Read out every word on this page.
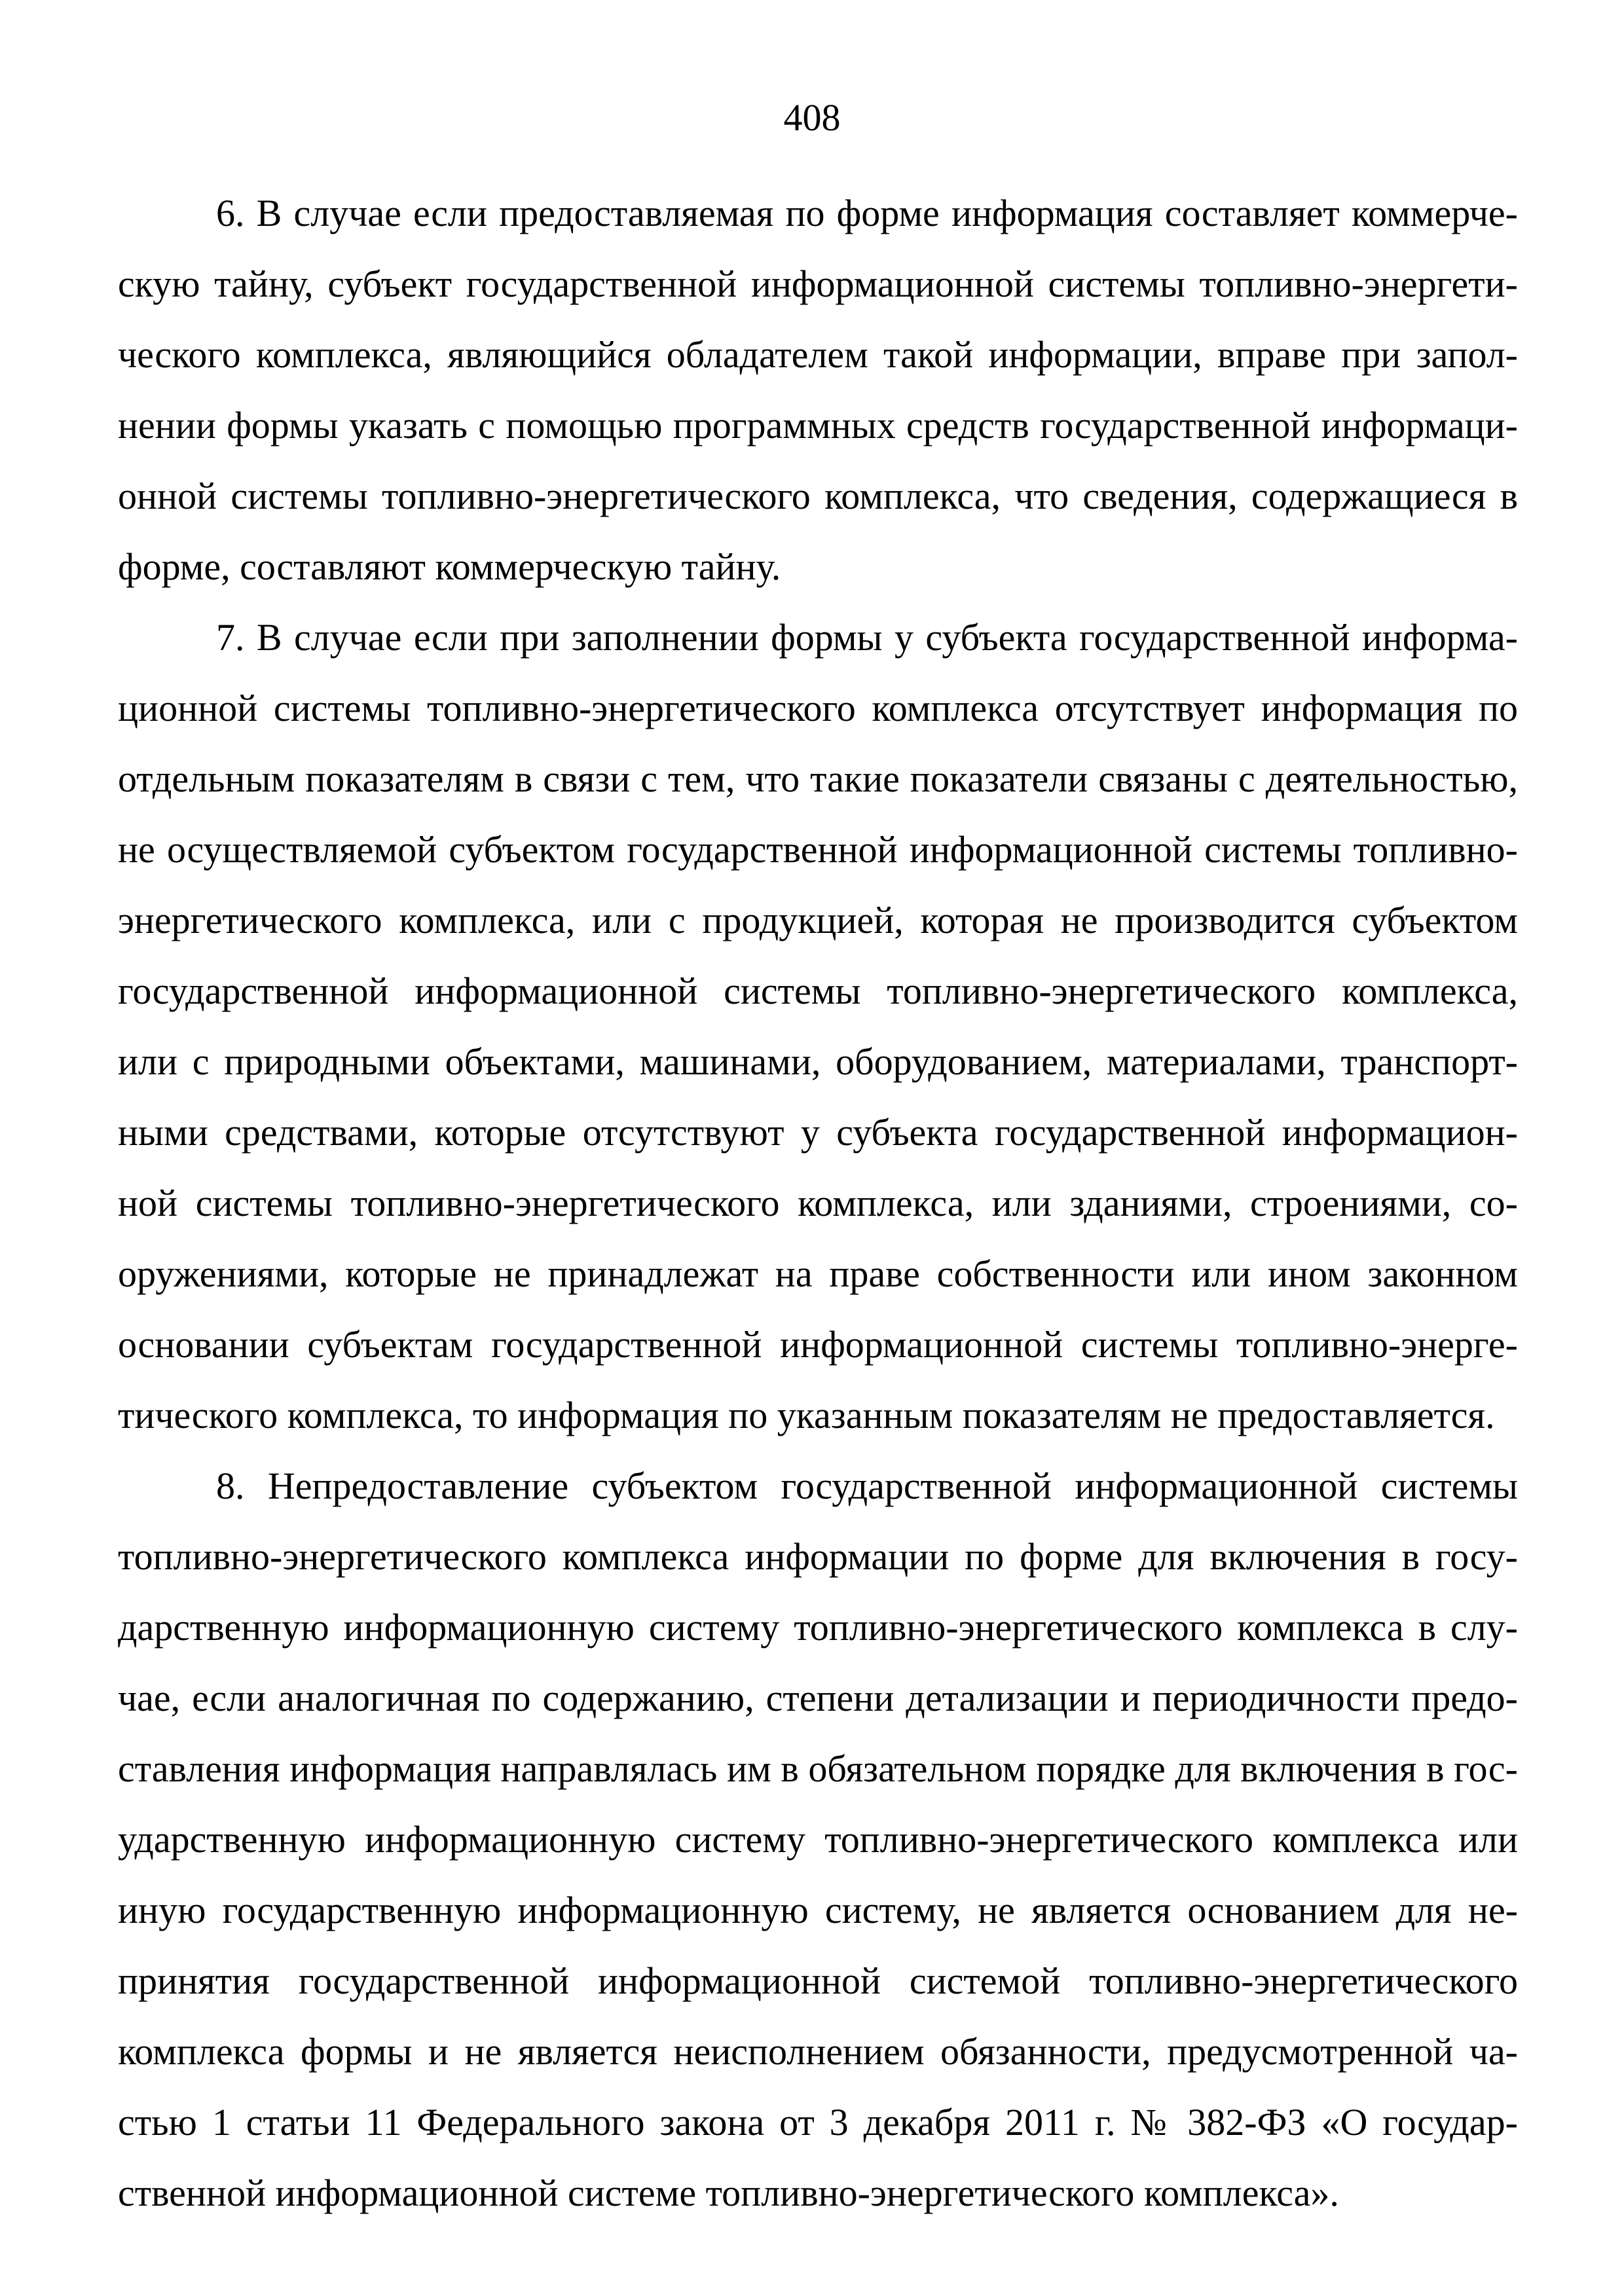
408
6. В случае если предоставляемая по форме информация составляет коммерче-
скую тайну, субъект государственной информационной системы топливно-энергети-
ческого комплекса, являющийся обладателем такой информации, вправе при запол-
нении формы указать с помощью программных средств государственной информаци-
онной системы топливно-энергетического комплекса, что сведения, содержащиеся в
форме, составляют коммерческую тайну.
7. В случае если при заполнении формы у субъекта государственной информа-
ционной системы топливно-энергетического комплекса отсутствует информация по
отдельным показателям в связи с тем, что такие показатели связаны с деятельностью,
не осуществляемой субъектом государственной информационной системы топливно-
энергетического комплекса, или с продукцией, которая не производится субъектом
государственной информационной системы топливно-энергетического комплекса,
или с природными объектами, машинами, оборудованием, материалами, транспорт-
ными средствами, которые отсутствуют у субъекта государственной информацион-
ной системы топливно-энергетического комплекса, или зданиями, строениями, со-
оружениями, которые не принадлежат на праве собственности или ином законном
основании субъектам государственной информационной системы топливно-энерге-
тического комплекса, то информация по указанным показателям не предоставляется.
8. Непредоставление субъектом государственной информационной системы
топливно-энергетического комплекса информации по форме для включения в госу-
дарственную информационную систему топливно-энергетического комплекса в слу-
чае, если аналогичная по содержанию, степени детализации и периодичности предо-
ставления информация направлялась им в обязательном порядке для включения в гос-
ударственную информационную систему топливно-энергетического комплекса или
иную государственную информационную систему, не является основанием для не-
принятия государственной информационной системой топливно-энергетического
комплекса формы и не является неисполнением обязанности, предусмотренной ча-
стью 1 статьи 11 Федерального закона от 3 декабря 2011 г. № 382-ФЗ «О государ-
ственной информационной системе топливно-энергетического комплекса».
